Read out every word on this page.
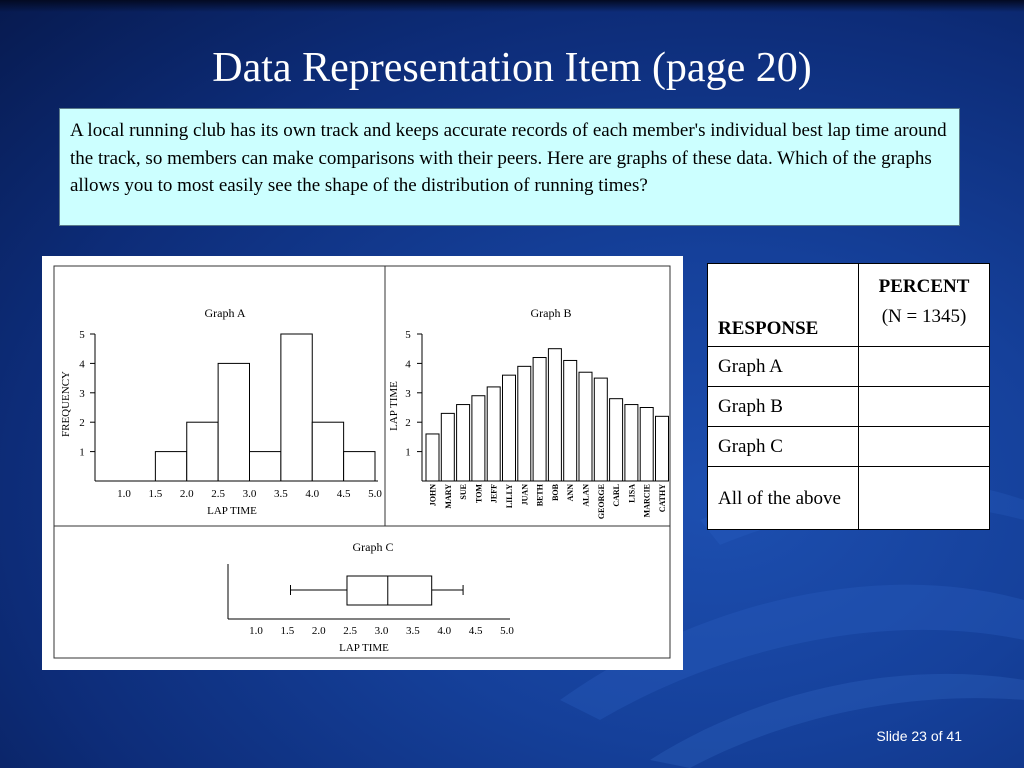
Data Representation Item (page 20)
A local running club has its own track and keeps accurate records of each member's individual best lap time around the track, so members can make comparisons with their peers. Here are graphs of these data. Which of the graphs allows you to most easily see the shape of the distribution of running times?
Graph A
FREQUENCY
LAP TIME
1
2
3
4
5
1.0 1.5 2.0 2.5 3.0 3.5 4.0 4.5 5.0
Graph B
LAP TIME
1
2
3
4
5
JOHN MARY SUE TOM JEFF LILLY JUAN BETH BOB ANN ALAN GEORGE CARL LISA MARCIE CATHY
Graph C
LAP TIME
1.0 1.5 2.0 2.5 3.0 3.5 4.0 4.5 5.0
RESPONSE	PERCENT
(N = 1345)
Graph A	
Graph B	
Graph C	
All of the above	
Slide 23 of 41
